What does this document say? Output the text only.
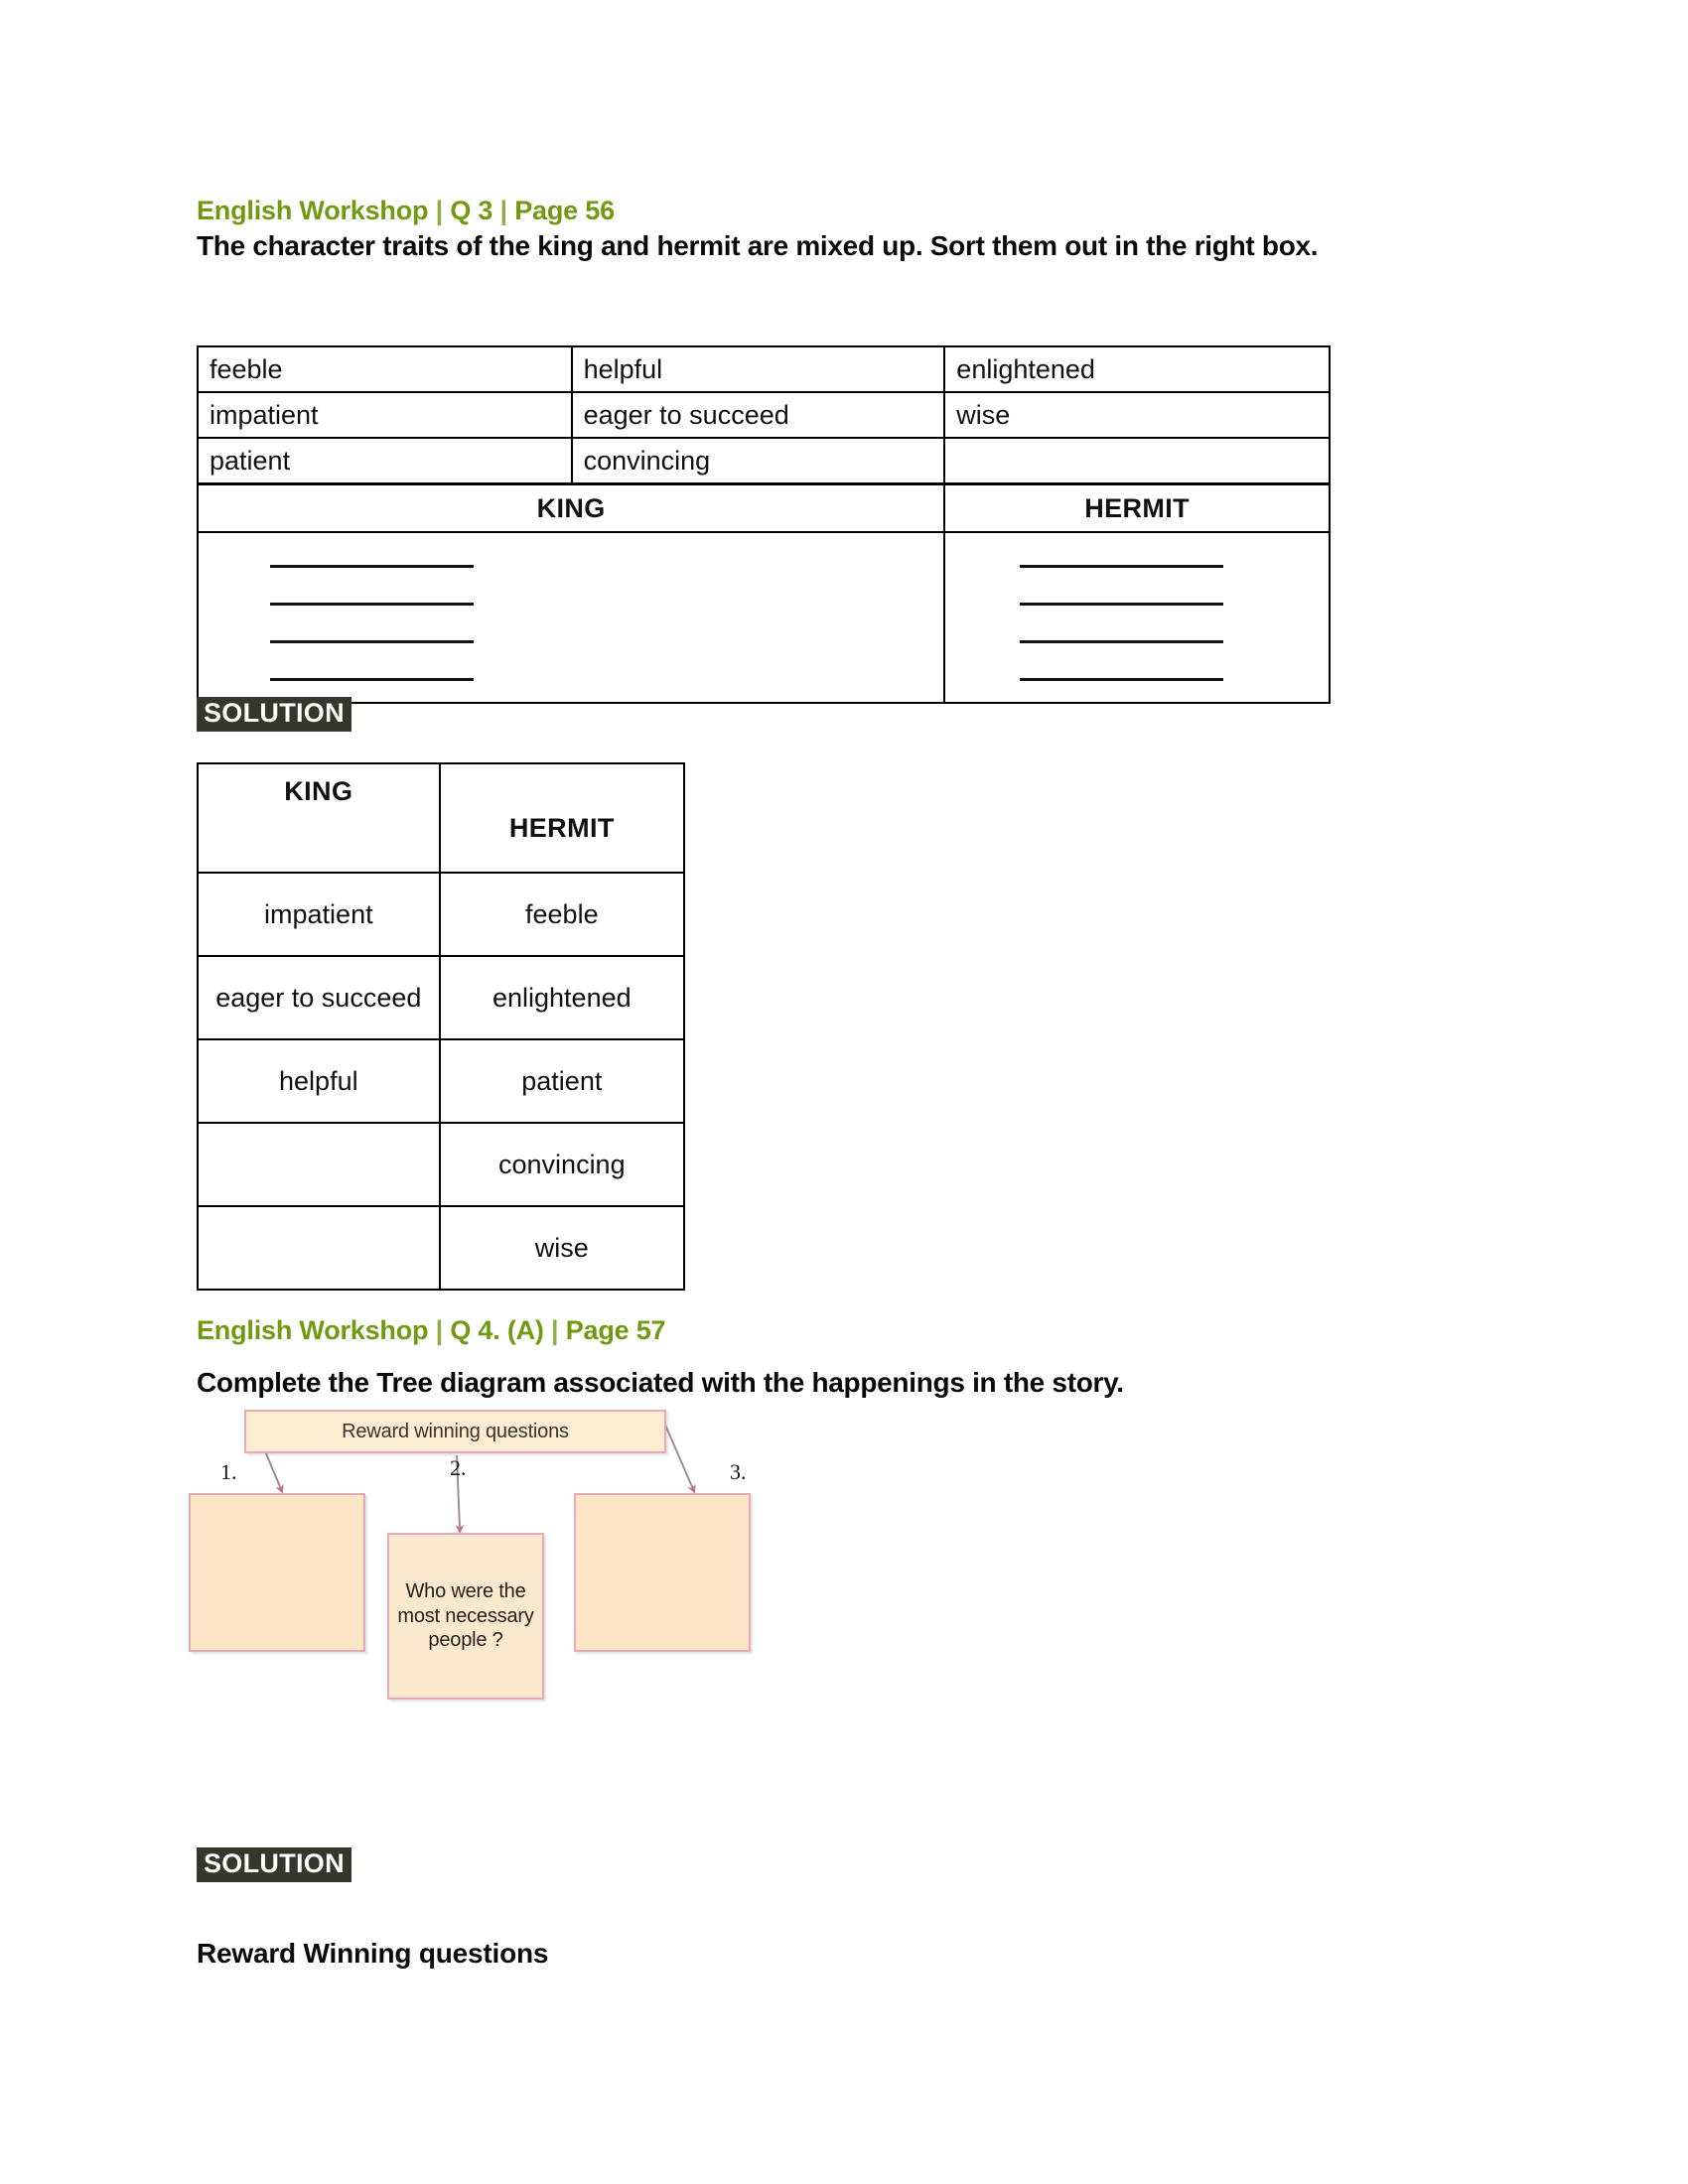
English Workshop | Q 3 | Page 56
The character traits of the king and hermit are mixed up. Sort them out in the right box.
feeble	helpful	enlightened
impatient	eager to succeed	wise
patient	convincing	
KING		HERMIT

SOLUTION
KING	HERMIT
impatient	feeble
eager to succeed	enlightened
helpful	patient
	convincing
	wise
English Workshop | Q 4. (A) | Page 57
Complete the Tree diagram associated with the happenings in the story.
Reward winning questions
1.	2.	3.
Who were the most necessary people ?
SOLUTION
Reward Winning questions
